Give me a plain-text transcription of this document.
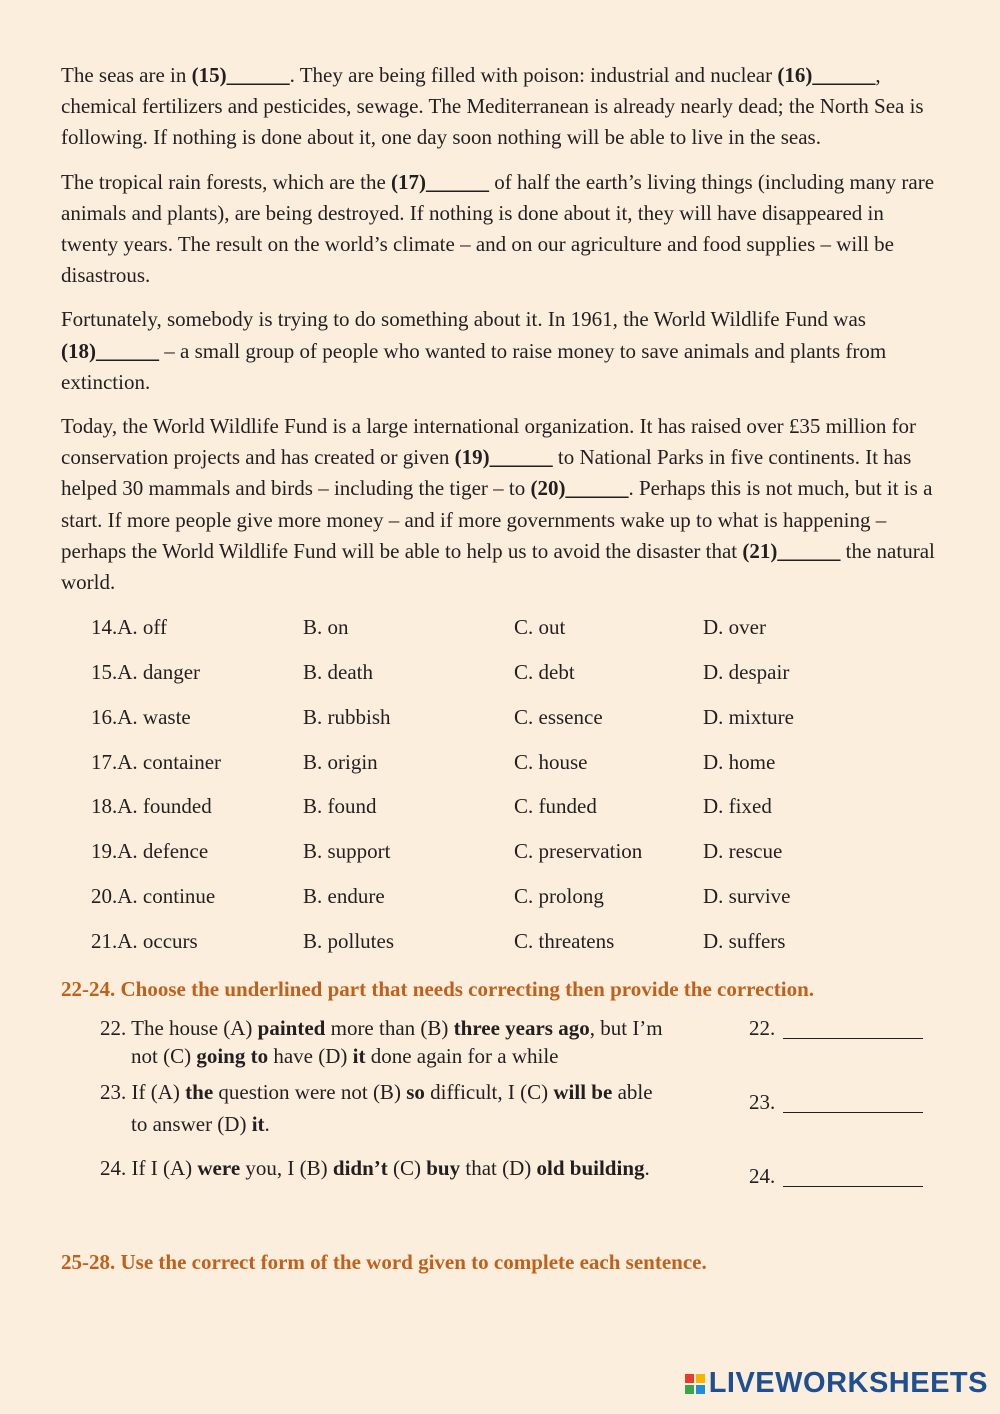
The seas are in (15)______. They are being filled with poison: industrial and nuclear (16)______, chemical fertilizers and pesticides, sewage. The Mediterranean is already nearly dead; the North Sea is following. If nothing is done about it, one day soon nothing will be able to live in the seas.

The tropical rain forests, which are the (17)______ of half the earth’s living things (including many rare animals and plants), are being destroyed. If nothing is done about it, they will have disappeared in twenty years. The result on the world’s climate – and on our agriculture and food supplies – will be disastrous.

Fortunately, somebody is trying to do something about it. In 1961, the World Wildlife Fund was (18)______ – a small group of people who wanted to raise money to save animals and plants from extinction.

Today, the World Wildlife Fund is a large international organization. It has raised over £35 million for conservation projects and has created or given (19)______ to National Parks in five continents. It has helped 30 mammals and birds – including the tiger – to (20)______. Perhaps this is not much, but it is a start. If more people give more money – and if more governments wake up to what is happening – perhaps the World Wildlife Fund will be able to help us to avoid the disaster that (21)______ the natural world.

14.A. off	B. on	C. out	D. over
15.A. danger	B. death	C. debt	D. despair
16.A. waste	B. rubbish	C. essence	D. mixture
17.A. container	B. origin	C. house	D. home
18.A. founded	B. found	C. funded	D. fixed
19.A. defence	B. support	C. preservation	D. rescue
20.A. continue	B. endure	C. prolong	D. survive
21.A. occurs	B. pollutes	C. threatens	D. suffers

22-24. Choose the underlined part that needs correcting then provide the correction.

22. The house (A) painted more than (B) three years ago, but I’m
not (C) going to have (D) it done again for a while
22.
23. If (A) the question were not (B) so difficult, I (C) will be able
to answer (D) it.
23.
24. If I (A) were you, I (B) didn’t (C) buy that (D) old building.	24.

25-28. Use the correct form of the word given to complete each sentence.

LIVEWORKSHEETS
